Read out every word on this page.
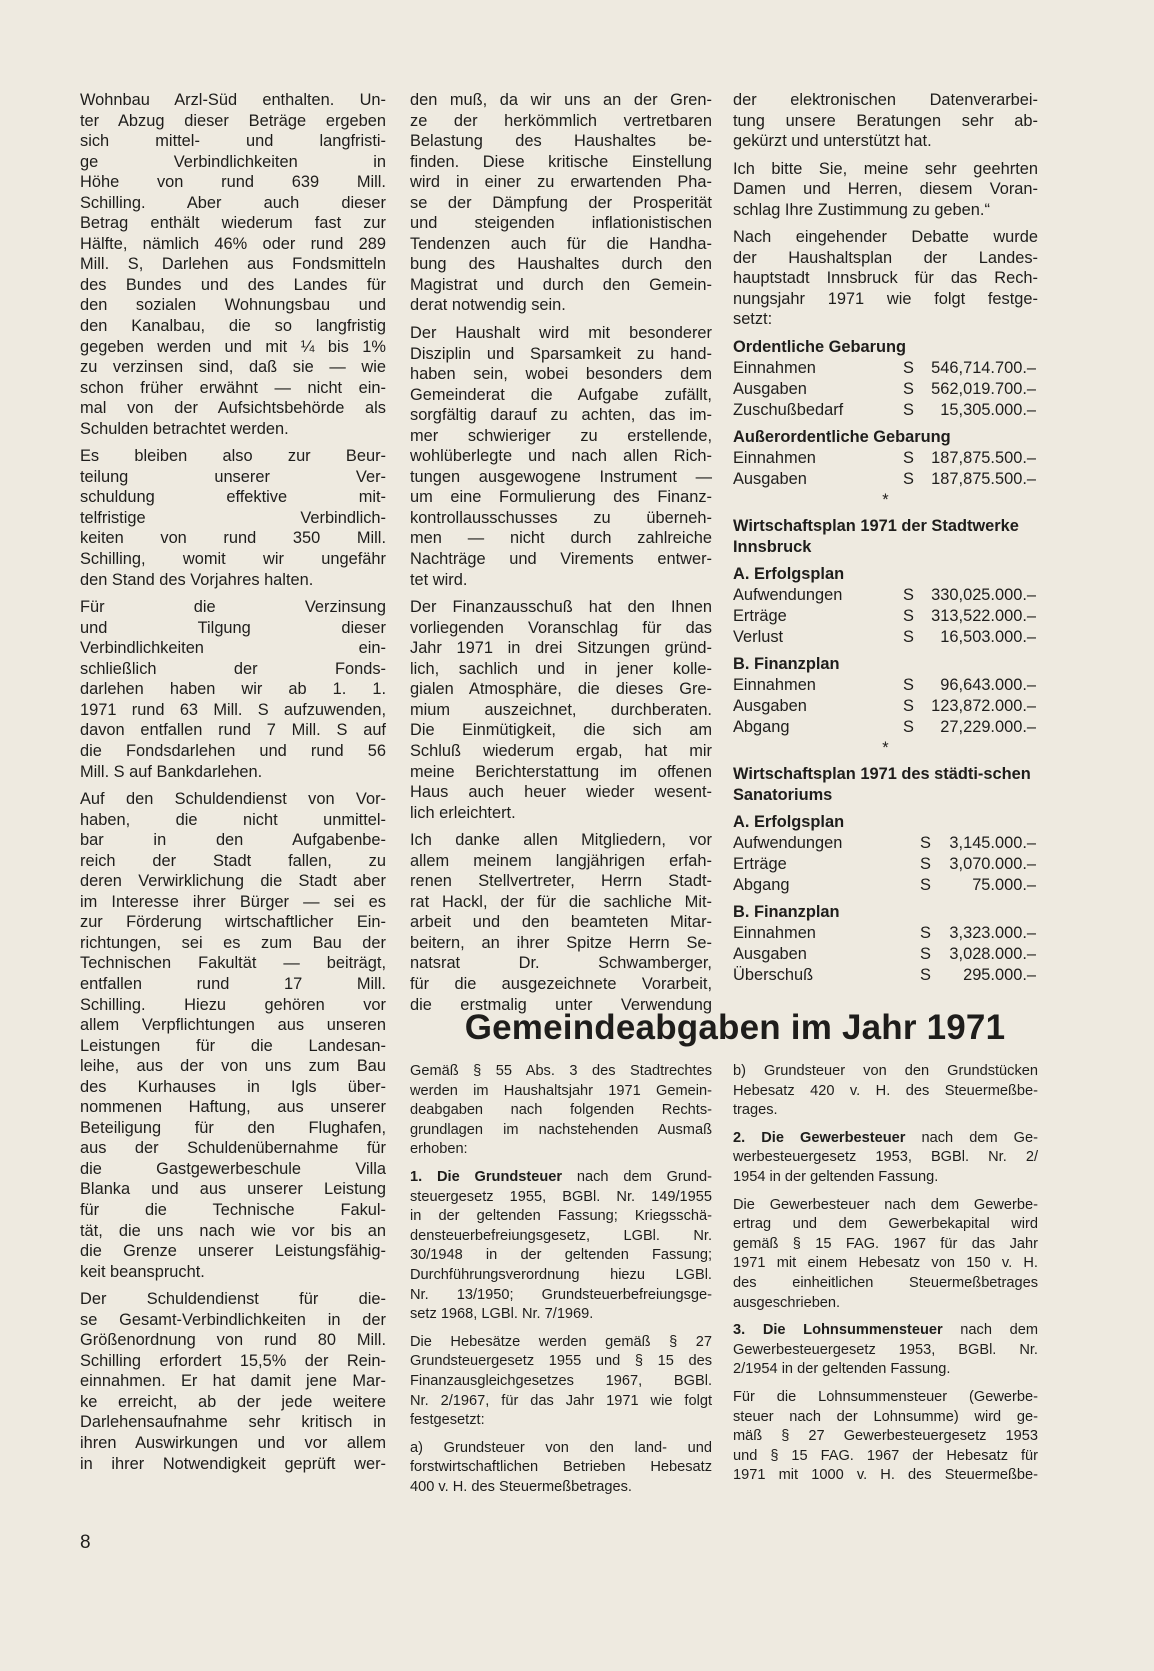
Wohnbau Arzl-Süd enthalten. Un-
ter Abzug dieser Beträge ergeben
sich mittel- und langfristi-
ge Verbindlichkeiten in
Höhe von rund 639 Mill.
Schilling. Aber auch dieser
Betrag enthält wiederum fast zur
Hälfte, nämlich 46% oder rund 289
Mill. S, Darlehen aus Fondsmitteln
des Bundes und des Landes für
den sozialen Wohnungsbau und
den Kanalbau, die so langfristig
gegeben werden und mit ¼ bis 1%
zu verzinsen sind, daß sie — wie
schon früher erwähnt — nicht ein-
mal von der Aufsichtsbehörde als
Schulden betrachtet werden.
Es bleiben also zur Beur-
teilung unserer Ver-
schuldung effektive mit-
telfristige Verbindlich-
keiten von rund 350 Mill.
Schilling, womit wir ungefähr
den Stand des Vorjahres halten.
Für die Verzinsung
und Tilgung dieser
Verbindlichkeiten ein-
schließlich der Fonds-
darlehen haben wir ab 1. 1.
1971 rund 63 Mill. S aufzuwenden,
davon entfallen rund 7 Mill. S auf
die Fondsdarlehen und rund 56
Mill. S auf Bankdarlehen.
Auf den Schuldendienst von Vor-
haben, die nicht unmittel-
bar in den Aufgabenbe-
reich der Stadt fallen, zu
deren Verwirklichung die Stadt aber
im Interesse ihrer Bürger — sei es
zur Förderung wirtschaftlicher Ein-
richtungen, sei es zum Bau der
Technischen Fakultät — beiträgt,
entfallen rund 17 Mill.
Schilling. Hiezu gehören vor
allem Verpflichtungen aus unseren
Leistungen für die Landesan-
leihe, aus der von uns zum Bau
des Kurhauses in Igls über-
nommenen Haftung, aus unserer
Beteiligung für den Flughafen,
aus der Schuldenübernahme für
die Gastgewerbeschule Villa
Blanka und aus unserer Leistung
für die Technische Fakul-
tät, die uns nach wie vor bis an
die Grenze unserer Leistungsfähig-
keit beansprucht.
Der Schuldendienst für die-
se Gesamt-Verbindlichkeiten in der
Größenordnung von rund 80 Mill.
Schilling erfordert 15,5% der Rein-
einnahmen. Er hat damit jene Mar-
ke erreicht, ab der jede weitere
Darlehensaufnahme sehr kritisch in
ihren Auswirkungen und vor allem
in ihrer Notwendigkeit geprüft wer-
den muß, da wir uns an der Gren-
ze der herkömmlich vertretbaren
Belastung des Haushaltes be-
finden. Diese kritische Einstellung
wird in einer zu erwartenden Pha-
se der Dämpfung der Prosperität
und steigenden inflationistischen
Tendenzen auch für die Handha-
bung des Haushaltes durch den
Magistrat und durch den Gemein-
derat notwendig sein.
Der Haushalt wird mit besonderer
Disziplin und Sparsamkeit zu hand-
haben sein, wobei besonders dem
Gemeinderat die Aufgabe zufällt,
sorgfältig darauf zu achten, das im-
mer schwieriger zu erstellende,
wohlüberlegte und nach allen Rich-
tungen ausgewogene Instrument —
um eine Formulierung des Finanz-
kontrollausschusses zu überneh-
men — nicht durch zahlreiche
Nachträge und Virements entwer-
tet wird.
Der Finanzausschuß hat den Ihnen
vorliegenden Voranschlag für das
Jahr 1971 in drei Sitzungen gründ-
lich, sachlich und in jener kolle-
gialen Atmosphäre, die dieses Gre-
mium auszeichnet, durchberaten.
Die Einmütigkeit, die sich am
Schluß wiederum ergab, hat mir
meine Berichterstattung im offenen
Haus auch heuer wieder wesent-
lich erleichtert.
Ich danke allen Mitgliedern, vor
allem meinem langjährigen erfah-
renen Stellvertreter, Herrn Stadt-
rat Hackl, der für die sachliche Mit-
arbeit und den beamteten Mitar-
beitern, an ihrer Spitze Herrn Se-
natsrat Dr. Schwamberger,
für die ausgezeichnete Vorarbeit,
die erstmalig unter Verwendung
der elektronischen Datenverarbei-
tung unsere Beratungen sehr ab-
gekürzt und unterstützt hat.
Ich bitte Sie, meine sehr geehrten
Damen und Herren, diesem Voran-
schlag Ihre Zustimmung zu geben.“
Nach eingehender Debatte wurde
der Haushaltsplan der Landes-
hauptstadt Innsbruck für das Rech-
nungsjahr 1971 wie folgt festge-
setzt:
Ordentliche Gebarung
Einnahmen	S 546,714.700.–
Ausgaben	S 562,019.700.–
Zuschußbedarf	S 15,305.000.–
Außerordentliche Gebarung
Einnahmen	S 187,875.500.–
Ausgaben	S 187,875.500.–
*
Wirtschaftsplan 1971 der Stadtwerke Innsbruck
A. Erfolgsplan
Aufwendungen	S 330,025.000.–
Erträge	S 313,522.000.–
Verlust	S 16,503.000.–
B. Finanzplan
Einnahmen	S 96,643.000.–
Ausgaben	S 123,872.000.–
Abgang	S 27,229.000.–
*
Wirtschaftsplan 1971 des städti-schen Sanatoriums
A. Erfolgsplan
Aufwendungen	S 3,145.000.–
Erträge	S 3,070.000.–
Abgang	S	75.000.–
B. Finanzplan
Einnahmen	S 3,323.000.–
Ausgaben	S 3,028.000.–
Überschuß	S 295.000.–
Gemeindeabgaben im Jahr 1971
Gemäß § 55 Abs. 3 des Stadtrechtes
werden im Haushaltsjahr 1971 Gemein-
deabgaben nach folgenden Rechts-
grundlagen im nachstehenden Ausmaß
erhoben:
1. Die Grundsteuer nach dem Grund-
steuergesetz 1955, BGBl. Nr. 149/1955
in der geltenden Fassung; Kriegsschä-
densteuerbefreiungsgesetz, LGBl. Nr.
30/1948 in der geltenden Fassung;
Durchführungsverordnung hiezu LGBl.
Nr. 13/1950; Grundsteuerbefreiungsge-
setz 1968, LGBl. Nr. 7/1969.
Die Hebesätze werden gemäß § 27
Grundsteuergesetz 1955 und § 15 des
Finanzausgleichgesetzes 1967, BGBl.
Nr. 2/1967, für das Jahr 1971 wie folgt
festgesetzt:
a) Grundsteuer von den land- und
forstwirtschaftlichen Betrieben Hebesatz
400 v. H. des Steuermeßbetrages.
b) Grundsteuer von den Grundstücken
Hebesatz 420 v. H. des Steuermeßbe-
trages.
2. Die Gewerbesteuer nach dem Ge-
werbesteuergesetz 1953, BGBl. Nr. 2/
1954 in der geltenden Fassung.
Die Gewerbesteuer nach dem Gewerbe-
ertrag und dem Gewerbekapital wird
gemäß § 15 FAG. 1967 für das Jahr
1971 mit einem Hebesatz von 150 v. H.
des einheitlichen Steuermeßbetrages
ausgeschrieben.
3. Die Lohnsummensteuer nach dem
Gewerbesteuergesetz 1953, BGBl. Nr.
2/1954 in der geltenden Fassung.
Für die Lohnsummensteuer (Gewerbe-
steuer nach der Lohnsumme) wird ge-
mäß § 27 Gewerbesteuergesetz 1953
und § 15 FAG. 1967 der Hebesatz für
1971 mit 1000 v. H. des Steuermeßbe-
8
